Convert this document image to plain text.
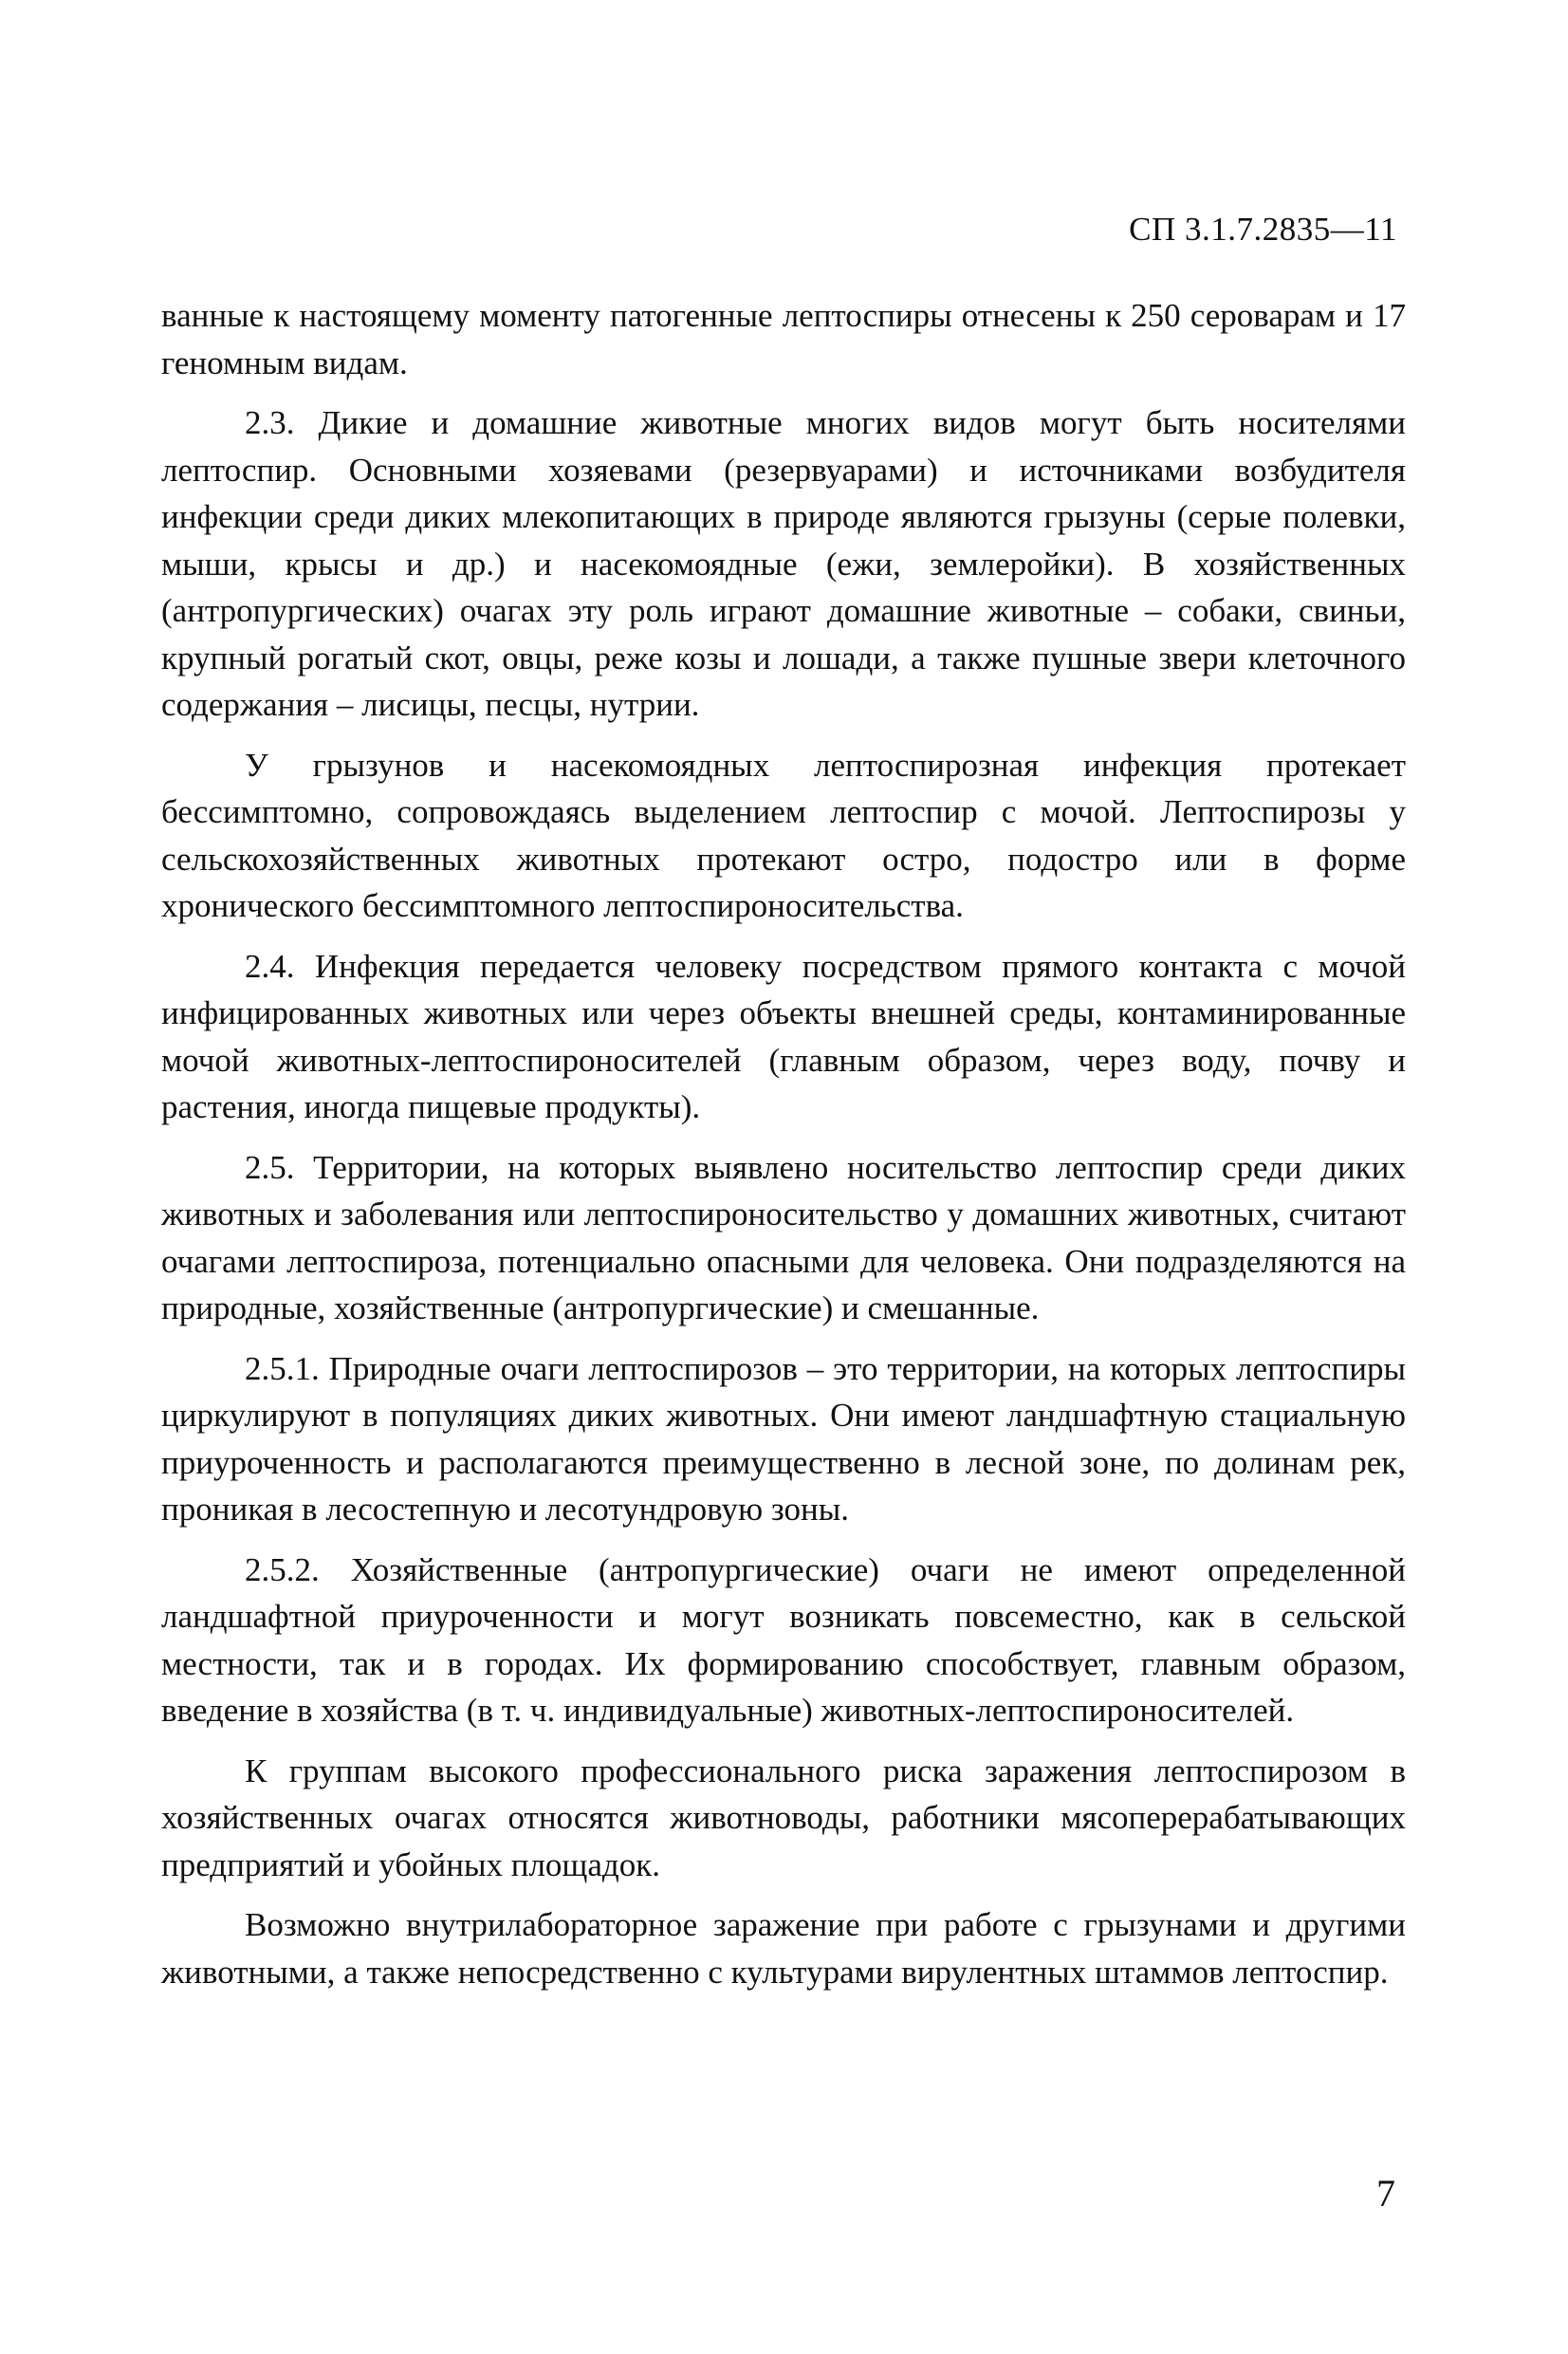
СП 3.1.7.2835—11

ванные к настоящему моменту патогенные лептоспиры отнесены к 250 сероварам и 17 геномным видам.

2.3. Дикие и домашние животные многих видов могут быть носителями лептоспир. Основными хозяевами (резервуарами) и источниками возбудителя инфекции среди диких млекопитающих в природе являются грызуны (серые полевки, мыши, крысы и др.) и насекомоядные (ежи, землеройки). В хозяйственных (антропургических) очагах эту роль играют домашние животные – собаки, свиньи, крупный рогатый скот, овцы, реже козы и лошади, а также пушные звери клеточного содержания – лисицы, песцы, нутрии.

У грызунов и насекомоядных лептоспирозная инфекция протекает бессимптомно, сопровождаясь выделением лептоспир с мочой. Лептоспирозы у сельскохозяйственных животных протекают остро, подостро или в форме хронического бессимптомного лептоспироносительства.

2.4. Инфекция передается человеку посредством прямого контакта с мочой инфицированных животных или через объекты внешней среды, контаминированные мочой животных-лептоспироносителей (главным образом, через воду, почву и растения, иногда пищевые продукты).

2.5. Территории, на которых выявлено носительство лептоспир среди диких животных и заболевания или лептоспироносительство у домашних животных, считают очагами лептоспироза, потенциально опасными для человека. Они подразделяются на природные, хозяйственные (антропургические) и смешанные.

2.5.1. Природные очаги лептоспирозов – это территории, на которых лептоспиры циркулируют в популяциях диких животных. Они имеют ландшафтную стациальную приуроченность и располагаются преимущественно в лесной зоне, по долинам рек, проникая в лесостепную и лесотундровую зоны.

2.5.2. Хозяйственные (антропургические) очаги не имеют определенной ландшафтной приуроченности и могут возникать повсеместно, как в сельской местности, так и в городах. Их формированию способствует, главным образом, введение в хозяйства (в т. ч. индивидуальные) животных-лептоспироносителей.

К группам высокого профессионального риска заражения лептоспирозом в хозяйственных очагах относятся животноводы, работники мясоперерабатывающих предприятий и убойных площадок.

Возможно внутрилабораторное заражение при работе с грызунами и другими животными, а также непосредственно с культурами вирулентных штаммов лептоспир.

7
